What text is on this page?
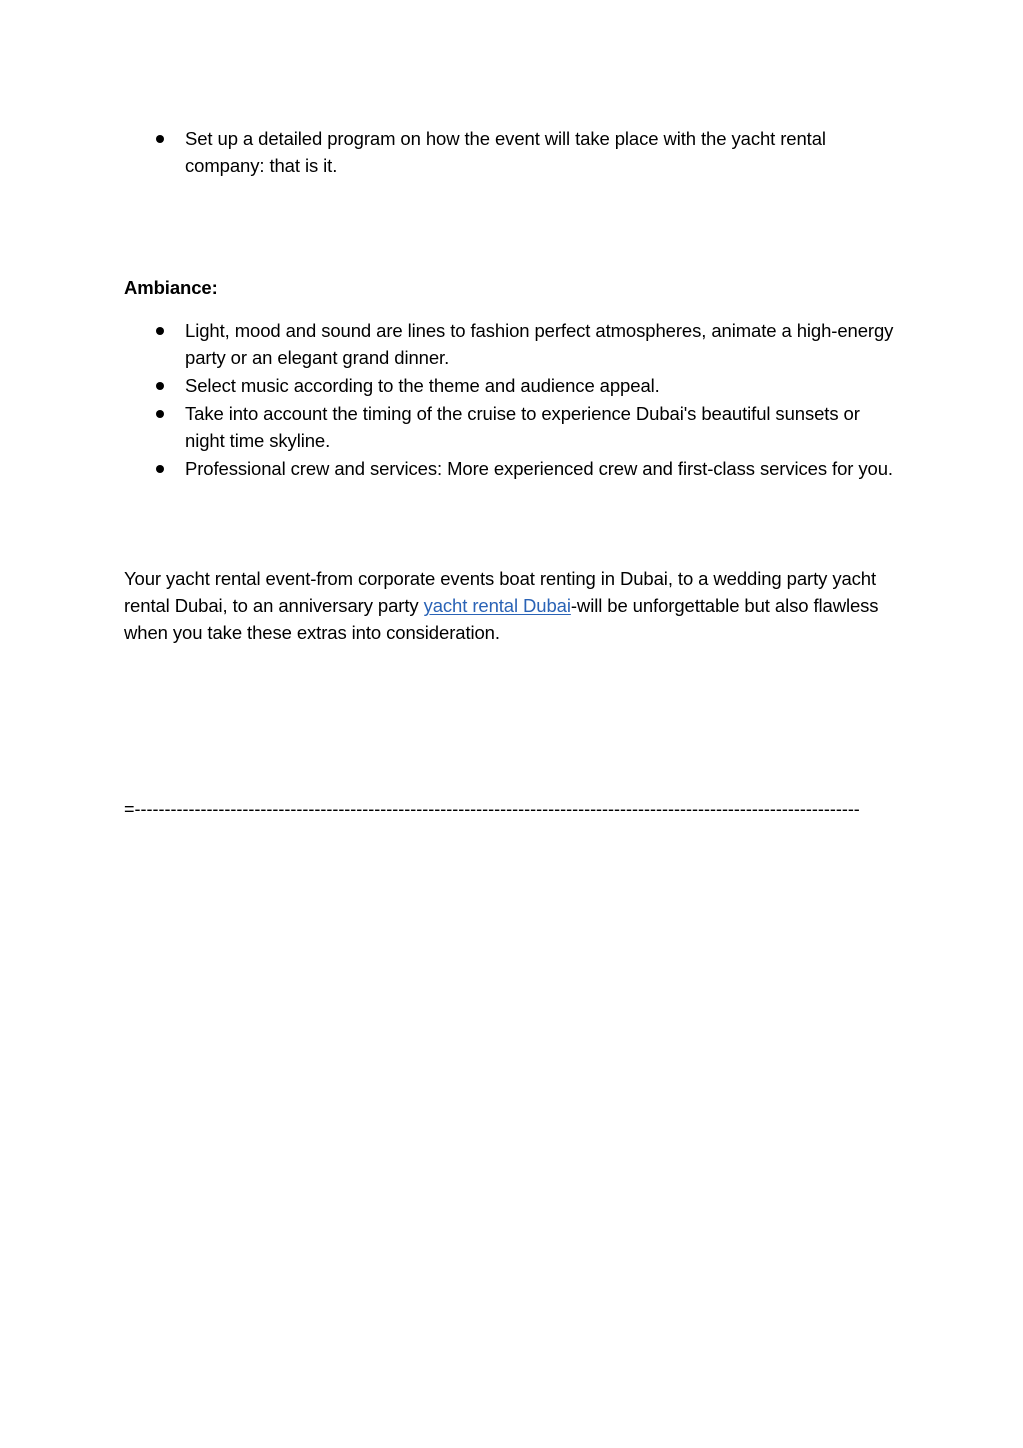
Set up a detailed program on how the event will take place with the yacht rental company: that is it.
Ambiance:
Light, mood and sound are lines to fashion perfect atmospheres, animate a high-energy party or an elegant grand dinner.
Select music according to the theme and audience appeal.
Take into account the timing of the cruise to experience Dubai's beautiful sunsets or night time skyline.
Professional crew and services: More experienced crew and first-class services for you.

Your yacht rental event-from corporate events boat renting in Dubai, to a wedding party yacht rental Dubai, to an anniversary party yacht rental Dubai-will be unforgettable but also flawless when you take these extras into consideration.

=-------------------------------------------------------------------------------------------------------------------------
